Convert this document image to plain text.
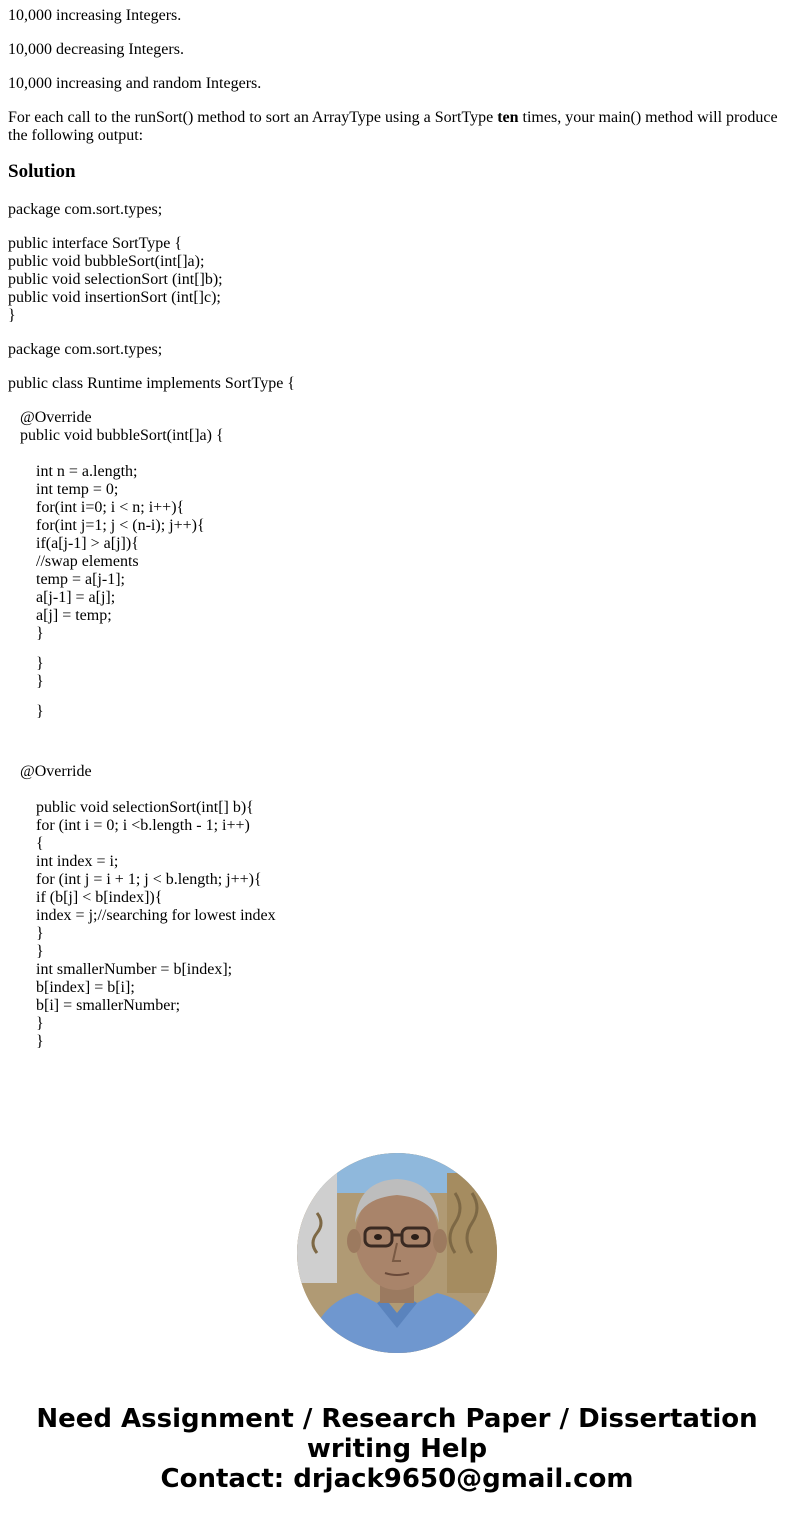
10,000 increasing Integers.

10,000 decreasing Integers.

10,000 increasing and random Integers.

For each call to the runSort() method to sort an ArrayType using a SortType ten times, your main() method will produce the following output:

Solution

package com.sort.types;

public interface SortType {
public void bubbleSort(int[]a);
public void selectionSort (int[]b);
public void insertionSort (int[]c);
}

package com.sort.types;

public class Runtime implements SortType {

@Override
public void bubbleSort(int[]a) {
int n = a.length;
int temp = 0;
for(int i=0; i < n; i++){
for(int j=1; j < (n-i); j++){
if(a[j-1] > a[j]){
//swap elements
temp = a[j-1];
a[j-1] = a[j];
a[j] = temp;
}
}
}
}
@Override
public void selectionSort(int[] b){
for (int i = 0; i <b.length - 1; i++)
{
int index = i;
for (int j = i + 1; j < b.length; j++){
if (b[j] < b[index]){
index = j;//searching for lowest index
}
}
int smallerNumber = b[index];
b[index] = b[i];
b[i] = smallerNumber;
}
}
Need Assignment / Research Paper / Dissertation
writing Help
Contact: drjack9650@gmail.com
